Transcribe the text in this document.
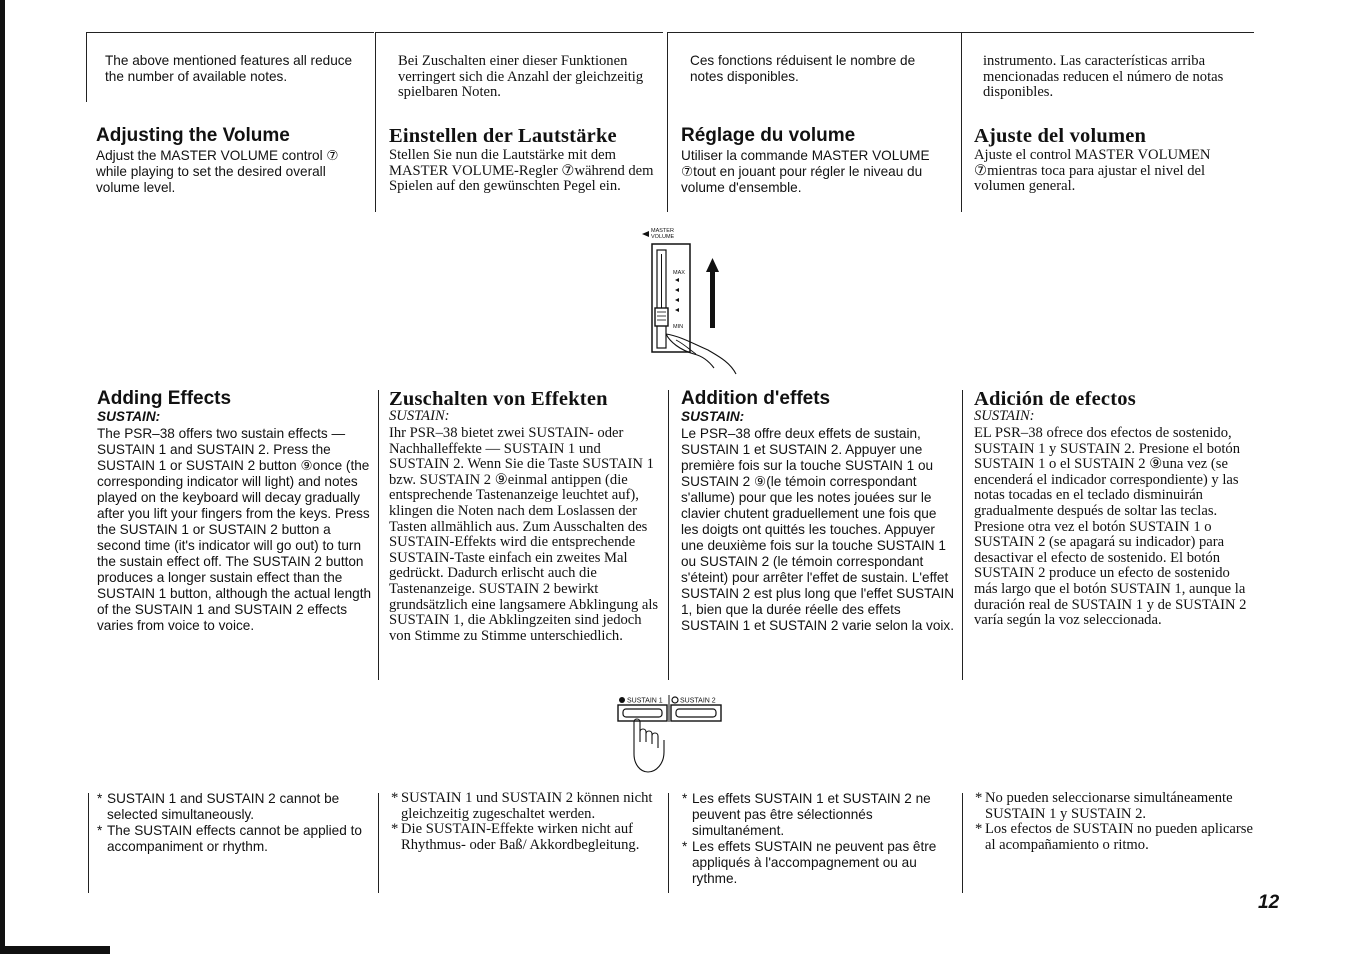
The above mentioned features all reduce the number of available notes.

Adjusting the Volume

Adjust the MASTER VOLUME control ⑦ while playing to set the desired overall volume level.

Adding Effects

SUSTAIN:

The PSR–38 offers two sustain effects — SUSTAIN 1 and SUSTAIN 2. Press the SUSTAIN 1 or SUSTAIN 2 button ⑨once (the corresponding indicator will light) and notes played on the keyboard will decay gradually after you lift your fingers from the keys. Press the SUSTAIN 1 or SUSTAIN 2 button a second time (it's indicator will go out) to turn the sustain effect off. The SUSTAIN 2 button produces a longer sustain effect than the SUSTAIN 1 button, although the actual length of the SUSTAIN 1 and SUSTAIN 2 effects varies from voice to voice.

* SUSTAIN 1 and SUSTAIN 2 cannot be selected simultaneously.
* The SUSTAIN effects cannot be applied to accompaniment or rhythm.

Bei Zuschalten einer dieser Funktionen verringert sich die Anzahl der gleichzeitig spielbaren Noten.

Einstellen der Lautstärke

Stellen Sie nun die Lautstärke mit dem MASTER VOLUME-Regler ⑦während dem Spielen auf den gewünschten Pegel ein.

Zuschalten von Effekten

SUSTAIN:

Ihr PSR–38 bietet zwei SUSTAIN- oder Nachhalleffekte — SUSTAIN 1 und SUSTAIN 2. Wenn Sie die Taste SUSTAIN 1 bzw. SUSTAIN 2 ⑨einmal antippen (die entsprechende Tastenanzeige leuchtet auf), klingen die Noten nach dem Loslassen der Tasten allmählich aus. Zum Ausschalten des SUSTAIN-Effekts wird die entsprechende SUSTAIN-Taste einfach ein zweites Mal gedrückt. Dadurch erlischt auch die Tastenanzeige. SUSTAIN 2 bewirkt grundsätzlich eine langsamere Abklingung als SUSTAIN 1, die Abklingzeiten sind jedoch von Stimme zu Stimme unterschiedlich.

* SUSTAIN 1 und SUSTAIN 2 können nicht gleichzeitig zugeschaltet werden.
* Die SUSTAIN-Effekte wirken nicht auf Rhythmus- oder Baß/ Akkordbegleitung.

Ces fonctions réduisent le nombre de notes disponibles.

Réglage du volume

Utiliser la commande MASTER VOLUME ⑦tout en jouant pour régler le niveau du volume d'ensemble.

Addition d'effets

SUSTAIN:

Le PSR–38 offre deux effets de sustain, SUSTAIN 1 et SUSTAIN 2. Appuyer une première fois sur la touche SUSTAIN 1 ou SUSTAIN 2 ⑨(le témoin correspondant s'allume) pour que les notes jouées sur le clavier chutent graduellement une fois que les doigts ont quittés les touches. Appuyer une deuxième fois sur la touche SUSTAIN 1 ou SUSTAIN 2 (le témoin correspondant s'éteint) pour arrêter l'effet de sustain. L'effet SUSTAIN 2 est plus long que l'effet SUSTAIN 1, bien que la durée réelle des effets SUSTAIN 1 et SUSTAIN 2 varie selon la voix.

* Les effets SUSTAIN 1 et SUSTAIN 2 ne peuvent pas être sélectionnés simultanément.
* Les effets SUSTAIN ne peuvent pas être appliqués à l'accompagnement ou au rythme.

instrumento. Las características arriba mencionadas reducen el número de notas disponibles.

Ajuste del volumen

Ajuste el control MASTER VOLUMEN ⑦mientras toca para ajustar el nivel del volumen general.

Adición de efectos

SUSTAIN:

EL PSR–38 ofrece dos efectos de sostenido, SUSTAIN 1 y SUSTAIN 2. Presione el botón SUSTAIN 1 o el SUSTAIN 2 ⑨una vez (se encenderá el indicador correspondiente) y las notas tocadas en el teclado disminuirán gradualmente después de soltar las teclas. Presione otra vez el botón SUSTAIN 1 o SUSTAIN 2 (se apagará su indicador) para desactivar el efecto de sostenido. El botón SUSTAIN 2 produce un efecto de sostenido más largo que el botón SUSTAIN 1, aunque la duración real de SUSTAIN 1 y de SUSTAIN 2 varía según la voz seleccionada.

* No pueden seleccionarse simultáneamente SUSTAIN 1 y SUSTAIN 2.
* Los efectos de SUSTAIN no pueden aplicarse al acompañamiento o ritmo.
MASTER
VOLUME
MAX
MIN
SUSTAIN 1 SUSTAIN 2
12
